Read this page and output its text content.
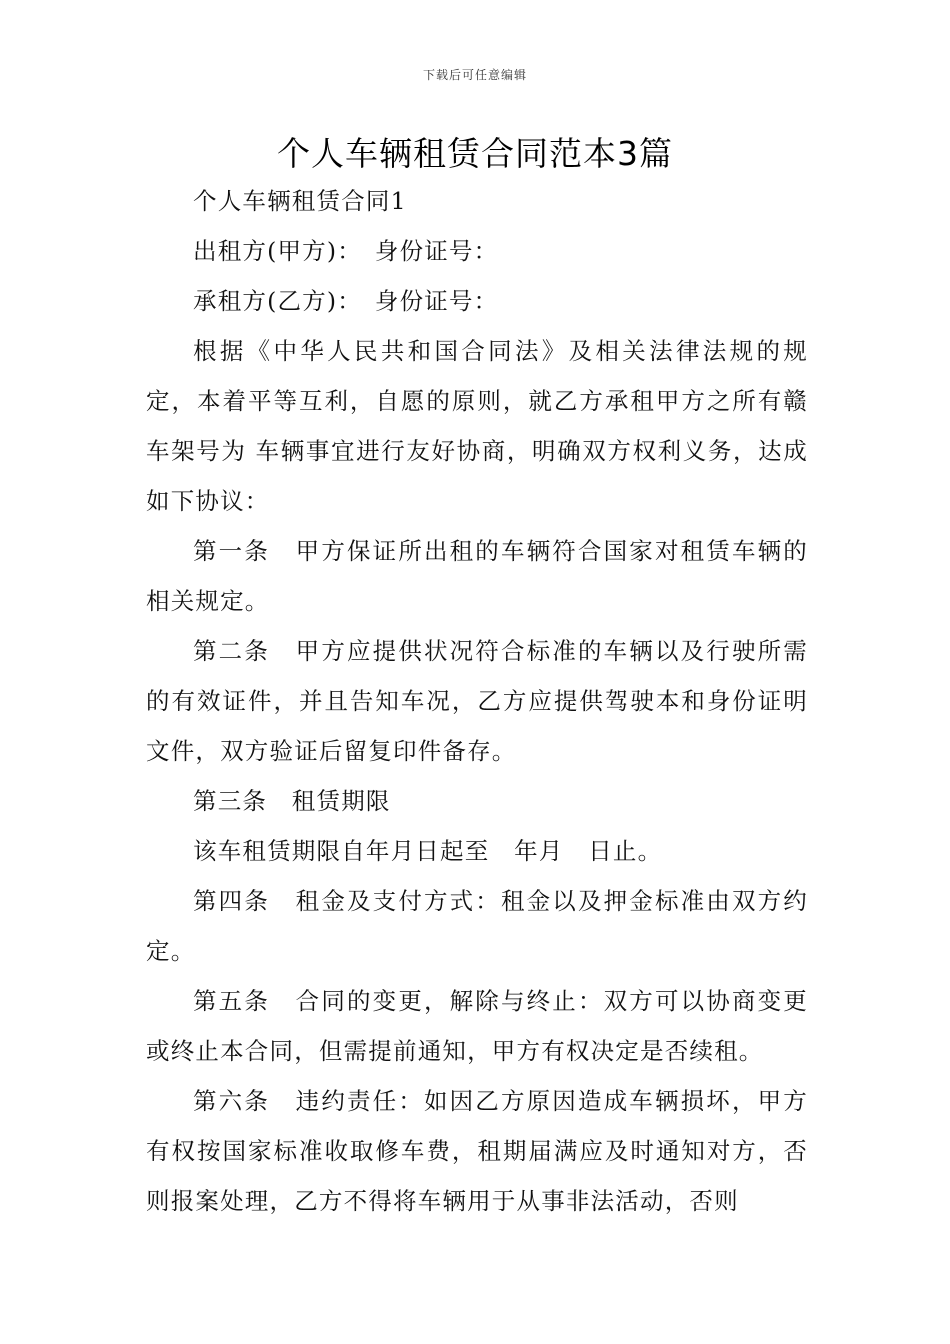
下载后可任意编辑
个人车辆租赁合同范本3篇

个人车辆租赁合同1

出租方(甲方)：　身份证号：

承租方(乙方)：　身份证号：

根据《中华人民共和国合同法》及相关法律法规的规定，本着平等互利，自愿的原则，就乙方承租甲方之所有赣车架号为 车辆事宜进行友好协商，明确双方权利义务，达成如下协议：

第一条　甲方保证所出租的车辆符合国家对租赁车辆的相关规定。

第二条　甲方应提供状况符合标准的车辆以及行驶所需的有效证件，并且告知车况，乙方应提供驾驶本和身份证明文件，双方验证后留复印件备存。

第三条　租赁期限

该车租赁期限自年月日起至　年月　日止。

第四条　租金及支付方式：租金以及押金标准由双方约定。

第五条　合同的变更，解除与终止：双方可以协商变更或终止本合同，但需提前通知，甲方有权决定是否续租。

第六条　违约责任：如因乙方原因造成车辆损坏，甲方有权按国家标准收取修车费，租期届满应及时通知对方，否则报案处理，乙方不得将车辆用于从事非法活动，否则
